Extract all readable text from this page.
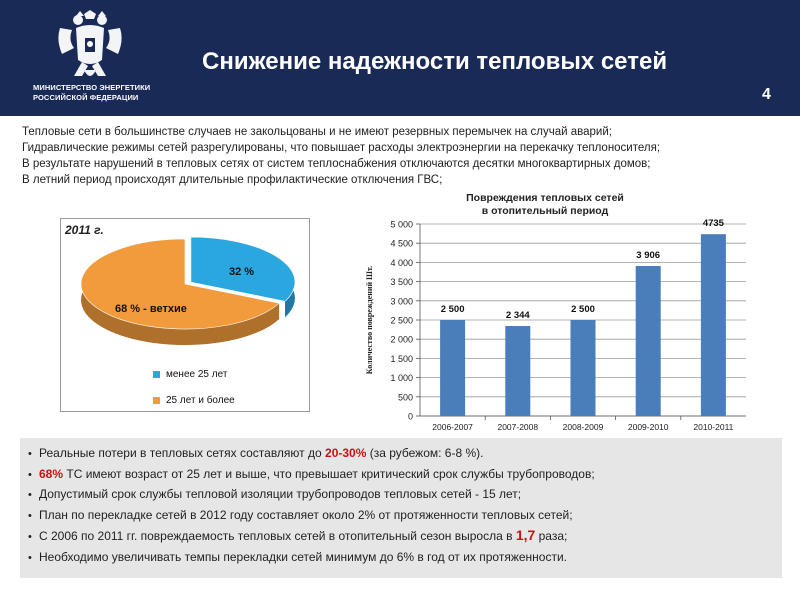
МИНИСТЕРСТВО ЭНЕРГЕТИКИ
РОССИЙСКОЙ ФЕДЕРАЦИИ
Снижение надежности тепловых сетей
4
Тепловые сети в большинстве случаев не закольцованы и не имеют резервных перемычек на случай аварий;
Гидравлические режимы сетей разрегулированы, что повышает расходы электроэнергии на перекачку теплоносителя;
В результате нарушений в тепловых сетях от систем теплоснабжения отключаются десятки многоквартирных домов;
В летний период происходят длительные профилактические отключения ГВС;
2011 г.
32 %
68 % - ветхие
менее 25 лет
25 лет и более
Повреждения тепловых сетей
в отопительный период
0
500
1 000
1 500
2 000
2 500
3 000
3 500
4 000
4 500
5 000
2 500
2006-2007
2 344
2007-2008
2 500
2008-2009
3 906
2009-2010
4735
2010-2011
Количество повреждений Шт.
• Реальные потери в тепловых сетях составляют до 20-30% (за рубежом: 6-8 %).
• 68% ТС имеют возраст от 25 лет и выше, что превышает критический срок службы трубопроводов;
• Допустимый срок службы тепловой изоляции трубопроводов тепловых сетей - 15 лет;
• План по перекладке сетей в 2012 году составляет около 2% от протяженности тепловых сетей;
• С 2006 по 2011 гг. повреждаемость тепловых сетей в отопительный сезон выросла в 1,7 раза;
• Необходимо увеличивать темпы перекладки сетей минимум до 6% в год от их протяженности.
